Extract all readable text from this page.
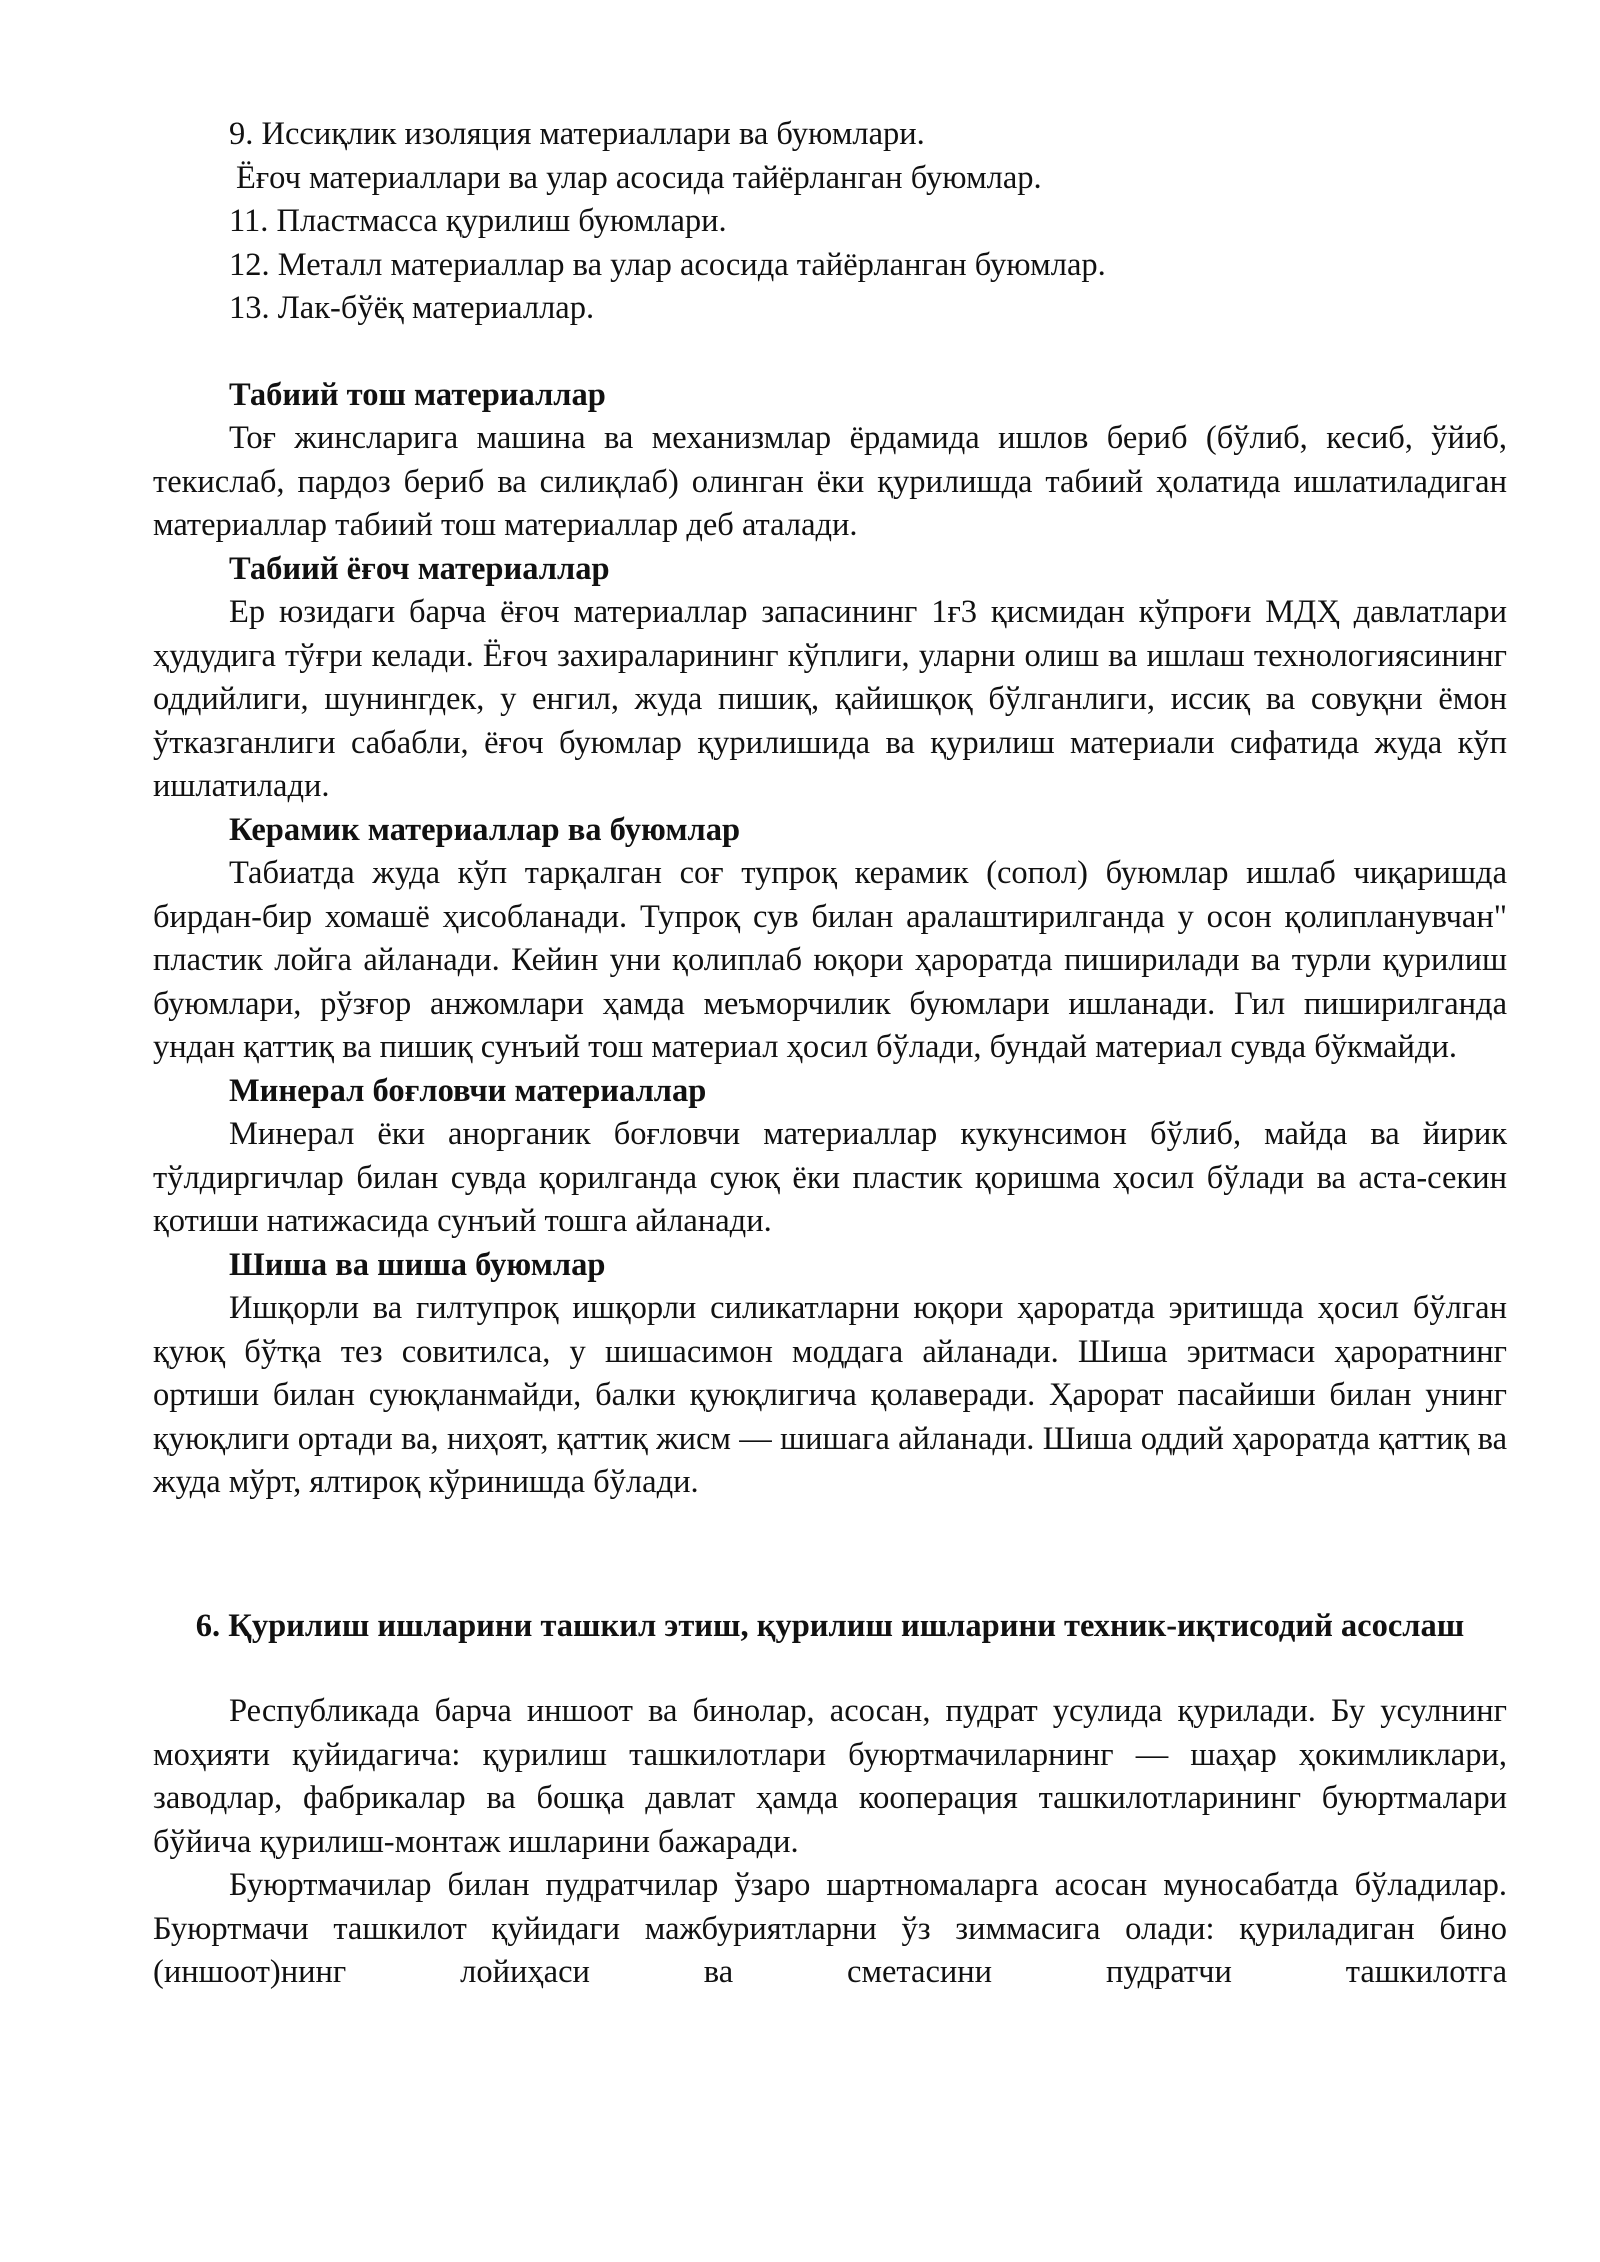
9. Иссиқлик изоляция материаллари ва буюмлари.

Ёғоч материаллари ва улар асосида тайёрланган буюмлар.

11. Пластмасса қурилиш буюмлари.

12. Металл материаллар ва улар асосида тайёрланган буюмлар.

13. Лак-бўёқ материаллар.

Табиий тош материаллар

Тоғ жинсларига машина ва механизмлар ёрдамида ишлов бериб (бўлиб, кесиб, ўйиб, текислаб, пардоз бериб ва силиқлаб) олинган ёки қурилишда табиий ҳолатида ишлатиладиган материаллар табиий тош материаллар деб аталади.

Табиий ёғоч материаллар

Ер юзидаги барча ёғоч материаллар запасининг 1ғ3 қисмидан кўпроғи МДҲ давлатлари ҳудудига тўғри келади. Ёғоч захираларининг кўплиги, уларни олиш ва ишлаш технологиясининг оддийлиги, шунингдек, у енгил, жуда пишиқ, қайишқоқ бўлганлиги, иссиқ ва совуқни ёмон ўтказганлиги сабабли, ёғоч буюмлар қурилишида ва қурилиш материали сифатида жуда кўп ишлатилади.

Керамик материаллар ва буюмлар

Табиатда жуда кўп тарқалган соғ тупроқ керамик (сопол) буюмлар ишлаб чиқаришда бирдан-бир хомашё ҳисобланади. Тупроқ сув билан аралаштирилганда у осон қолипланувчан" пластик лойга айланади. Кейин уни қолиплаб юқори ҳароратда пиширилади ва турли қурилиш буюмлари, рўзғор анжомлари ҳамда меъморчилик буюмлари ишланади. Гил пиширилганда ундан қаттиқ ва пишиқ сунъий тош материал ҳосил бўлади, бундай материал сувда бўкмайди.

Минерал боғловчи материаллар

Минерал ёки анорганик боғловчи материаллар кукунсимон бўлиб, майда ва йирик тўлдиргичлар билан сувда қорилганда суюқ ёки пластик қоришма ҳосил бўлади ва аста-секин қотиши натижасида сунъий тошга айланади.

Шиша ва шиша буюмлар

Ишқорли ва гилтупроқ ишқорли силикатларни юқори ҳароратда эритишда ҳосил бўлган қуюқ бўтқа тез совитилса, у шишасимон моддага айланади. Шиша эритмаси ҳароратнинг ортиши билан суюқланмайди, балки қуюқлигича қолаверади. Ҳарорат пасайиши билан унинг қуюқлиги ортади ва, ниҳоят, қаттиқ жисм — шишага айланади. Шиша оддий ҳароратда қаттиқ ва жуда мўрт, ялтироқ кўринишда бўлади.

6. Қурилиш ишларини ташкил этиш, қурилиш ишларини техник-иқтисодий асослаш

Республикада барча иншоот ва бинолар, асосан, пудрат усулида қурилади. Бу усулнинг моҳияти қуйидагича: қурилиш ташкилотлари буюртмачиларнинг — шаҳар ҳокимликлари, заводлар, фабрикалар ва бошқа давлат ҳамда кооперация ташкилотларининг буюртмалари бўйича қурилиш-монтаж ишларини бажаради.

Буюртмачилар билан пудратчилар ўзаро шартномаларга асосан муносабатда бўладилар. Буюртмачи ташкилот қуйидаги мажбуриятларни ўз зиммасига олади: қуриладиган бино (иншоот)нинг лойиҳаси ва сметасини пудратчи ташкилотга
